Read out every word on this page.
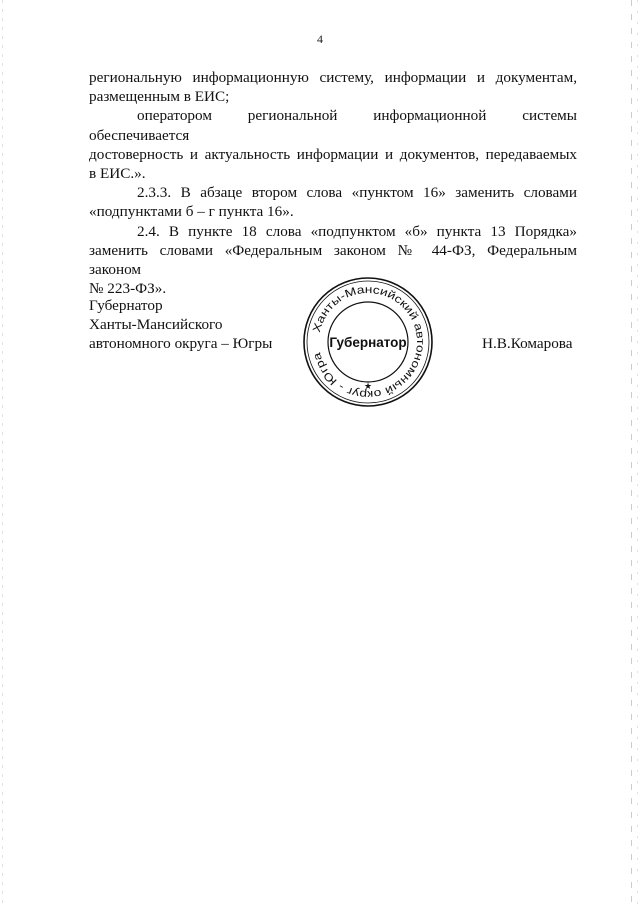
4

региональную информационную систему, информации и документам,

размещенным в ЕИС;

оператором региональной информационной системы обеспечивается

достоверность и актуальность информации и документов, передаваемых

в ЕИС.».

2.3.3. В абзаце втором слова «пунктом 16» заменить словами

«подпунктами б – г пункта 16».

2.4. В пункте 18 слова «подпунктом «б» пункта 13 Порядка»

заменить словами «Федеральным законом № 44-ФЗ, Федеральным законом

№ 223-ФЗ».

Губернатор
Ханты-Мансийского
автономного округа – Югры
Ханты-Мансийский автономный округ - Югра
Губернатор
★
Н.В.Комарова
